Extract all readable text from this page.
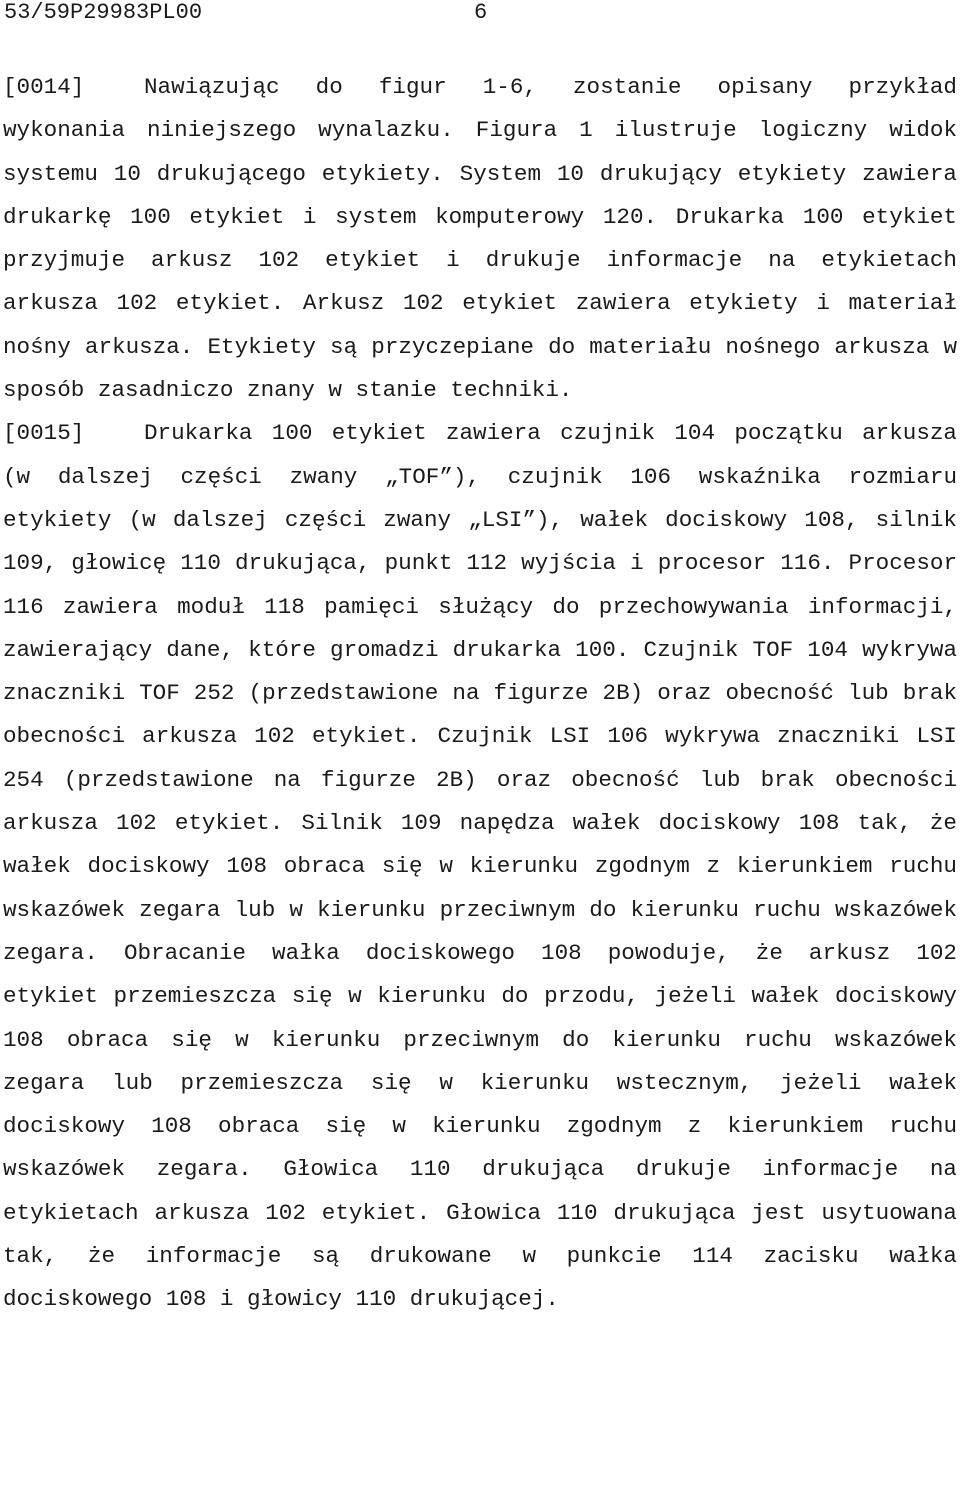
53/59P29983PL00	6

[0014]	Nawiązując do figur 1-6, zostanie opisany przykład wykonania niniejszego wynalazku. Figura 1 ilustruje logiczny widok systemu 10 drukującego etykiety. System 10 drukujący etykiety zawiera drukarkę 100 etykiet i system komputerowy 120. Drukarka 100 etykiet przyjmuje arkusz 102 etykiet i drukuje informacje na etykietach arkusza 102 etykiet. Arkusz 102 etykiet zawiera etykiety i materiał nośny arkusza. Etykiety są przyczepiane do materiału nośnego arkusza w sposób zasadniczo znany w stanie techniki.

[0015]	Drukarka 100 etykiet zawiera czujnik 104 początku arkusza (w dalszej części zwany „TOF”), czujnik 106 wskaźnika rozmiaru etykiety (w dalszej części zwany „LSI”), wałek dociskowy 108, silnik 109, głowicę 110 drukująca, punkt 112 wyjścia i procesor 116. Procesor 116 zawiera moduł 118 pamięci służący do przechowywania informacji, zawierający dane, które gromadzi drukarka 100. Czujnik TOF 104 wykrywa znaczniki TOF 252 (przedstawione na figurze 2B) oraz obecność lub brak obecności arkusza 102 etykiet. Czujnik LSI 106 wykrywa znaczniki LSI 254 (przedstawione na figurze 2B) oraz obecność lub brak obecności arkusza 102 etykiet. Silnik 109 napędza wałek dociskowy 108 tak, że wałek dociskowy 108 obraca się w kierunku zgodnym z kierunkiem ruchu wskazówek zegara lub w kierunku przeciwnym do kierunku ruchu wskazówek zegara. Obracanie wałka dociskowego 108 powoduje, że arkusz 102 etykiet przemieszcza się w kierunku do przodu, jeżeli wałek dociskowy 108 obraca się w kierunku przeciwnym do kierunku ruchu wskazówek zegara lub przemieszcza się w kierunku wstecznym, jeżeli wałek dociskowy 108 obraca się w kierunku zgodnym z kierunkiem ruchu wskazówek zegara. Głowica 110 drukująca drukuje informacje na etykietach arkusza 102 etykiet. Głowica 110 drukująca jest usytuowana tak, że informacje są drukowane w punkcie 114 zacisku wałka dociskowego 108 i głowicy 110 drukującej.
